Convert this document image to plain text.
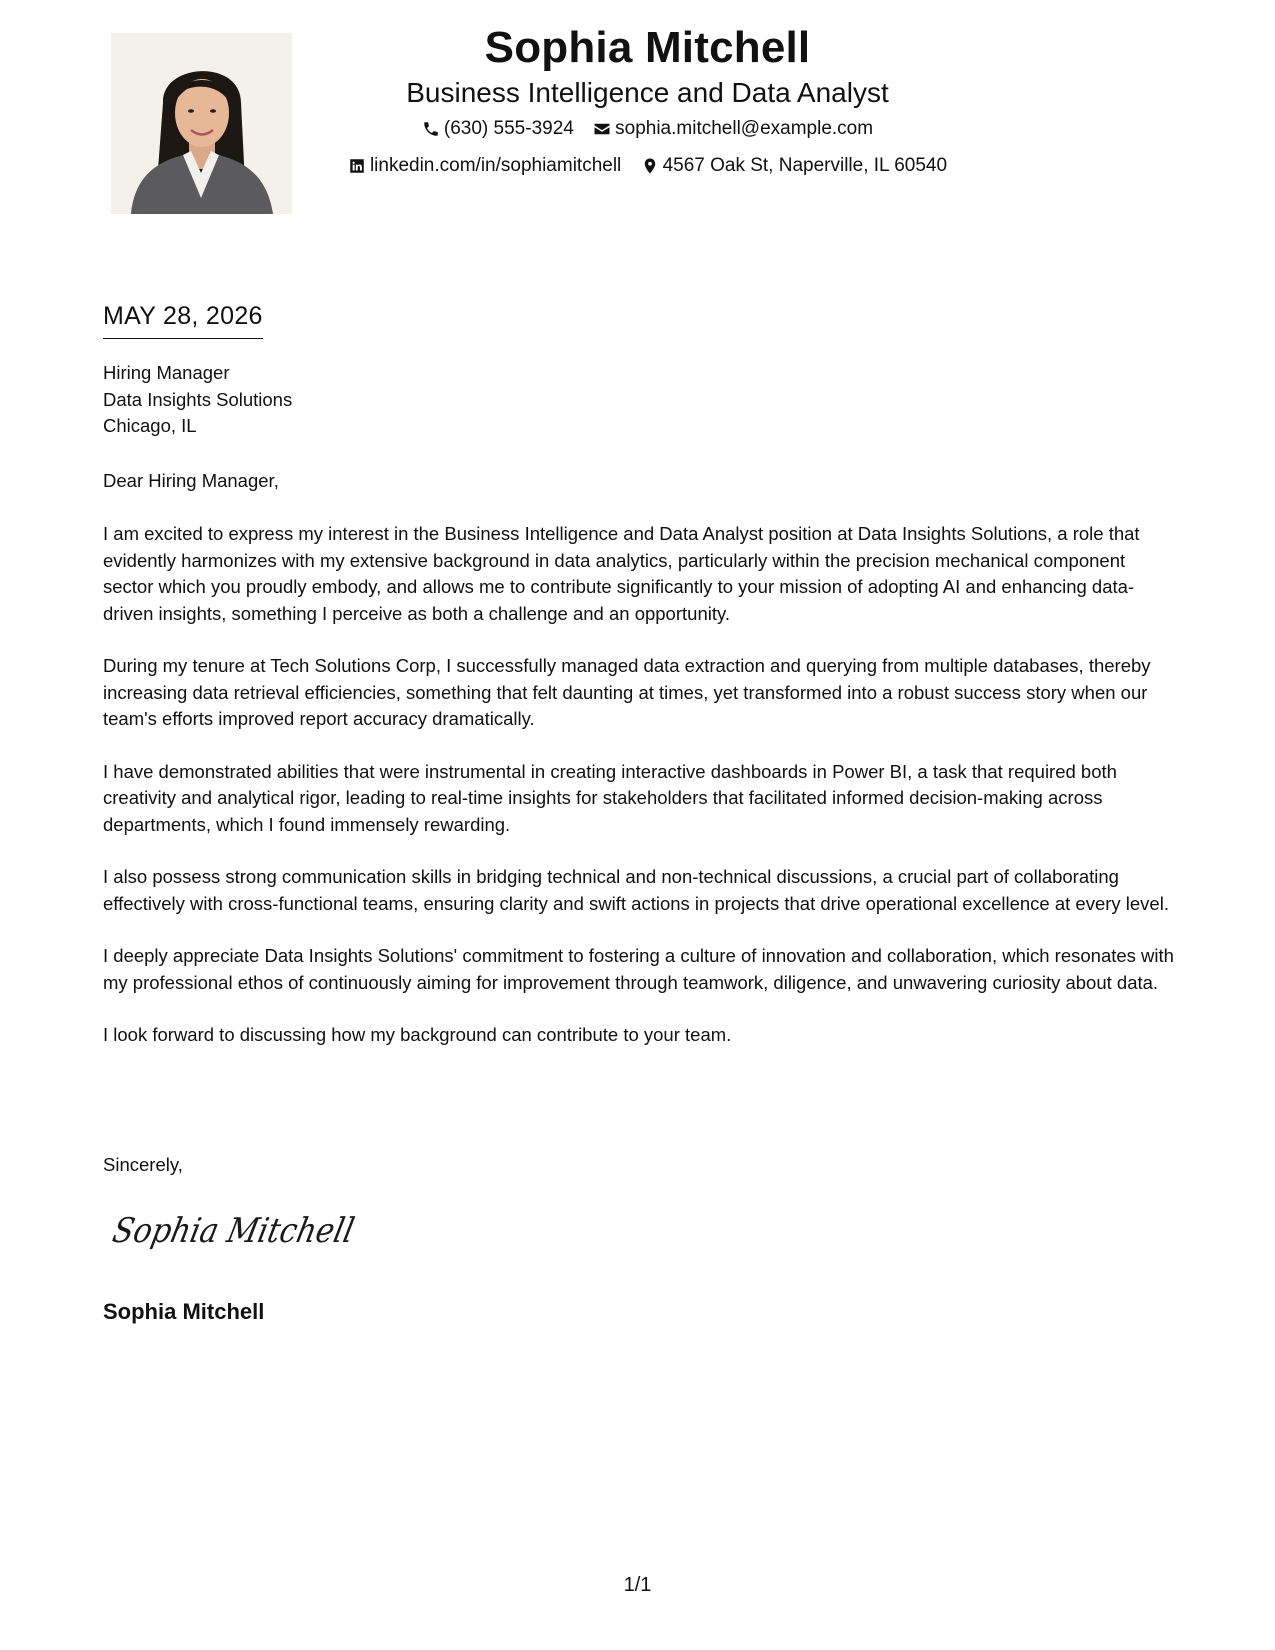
Sophia Mitchell
Business Intelligence and Data Analyst
(630) 555-3924
sophia.mitchell@example.com
linkedin.com/in/sophiamitchell
4567 Oak St, Naperville, IL 60540
MAY 28, 2026
Hiring Manager
Data Insights Solutions
Chicago, IL
Dear Hiring Manager,

I am excited to express my interest in the Business Intelligence and Data Analyst position at Data Insights Solutions, a role that evidently harmonizes with my extensive background in data analytics, particularly within the precision mechanical component sector which you proudly embody, and allows me to contribute significantly to your mission of adopting AI and enhancing data-driven insights, something I perceive as both a challenge and an opportunity.

During my tenure at Tech Solutions Corp, I successfully managed data extraction and querying from multiple databases, thereby increasing data retrieval efficiencies, something that felt daunting at times, yet transformed into a robust success story when our team's efforts improved report accuracy dramatically.

I have demonstrated abilities that were instrumental in creating interactive dashboards in Power BI, a task that required both creativity and analytical rigor, leading to real-time insights for stakeholders that facilitated informed decision-making across departments, which I found immensely rewarding.

I also possess strong communication skills in bridging technical and non-technical discussions, a crucial part of collaborating effectively with cross-functional teams, ensuring clarity and swift actions in projects that drive operational excellence at every level.

I deeply appreciate Data Insights Solutions' commitment to fostering a culture of innovation and collaboration, which resonates with my professional ethos of continuously aiming for improvement through teamwork, diligence, and unwavering curiosity about data.

I look forward to discussing how my background can contribute to your team.

Sincerely,
Sophia Mitchell
Sophia Mitchell
1/1
